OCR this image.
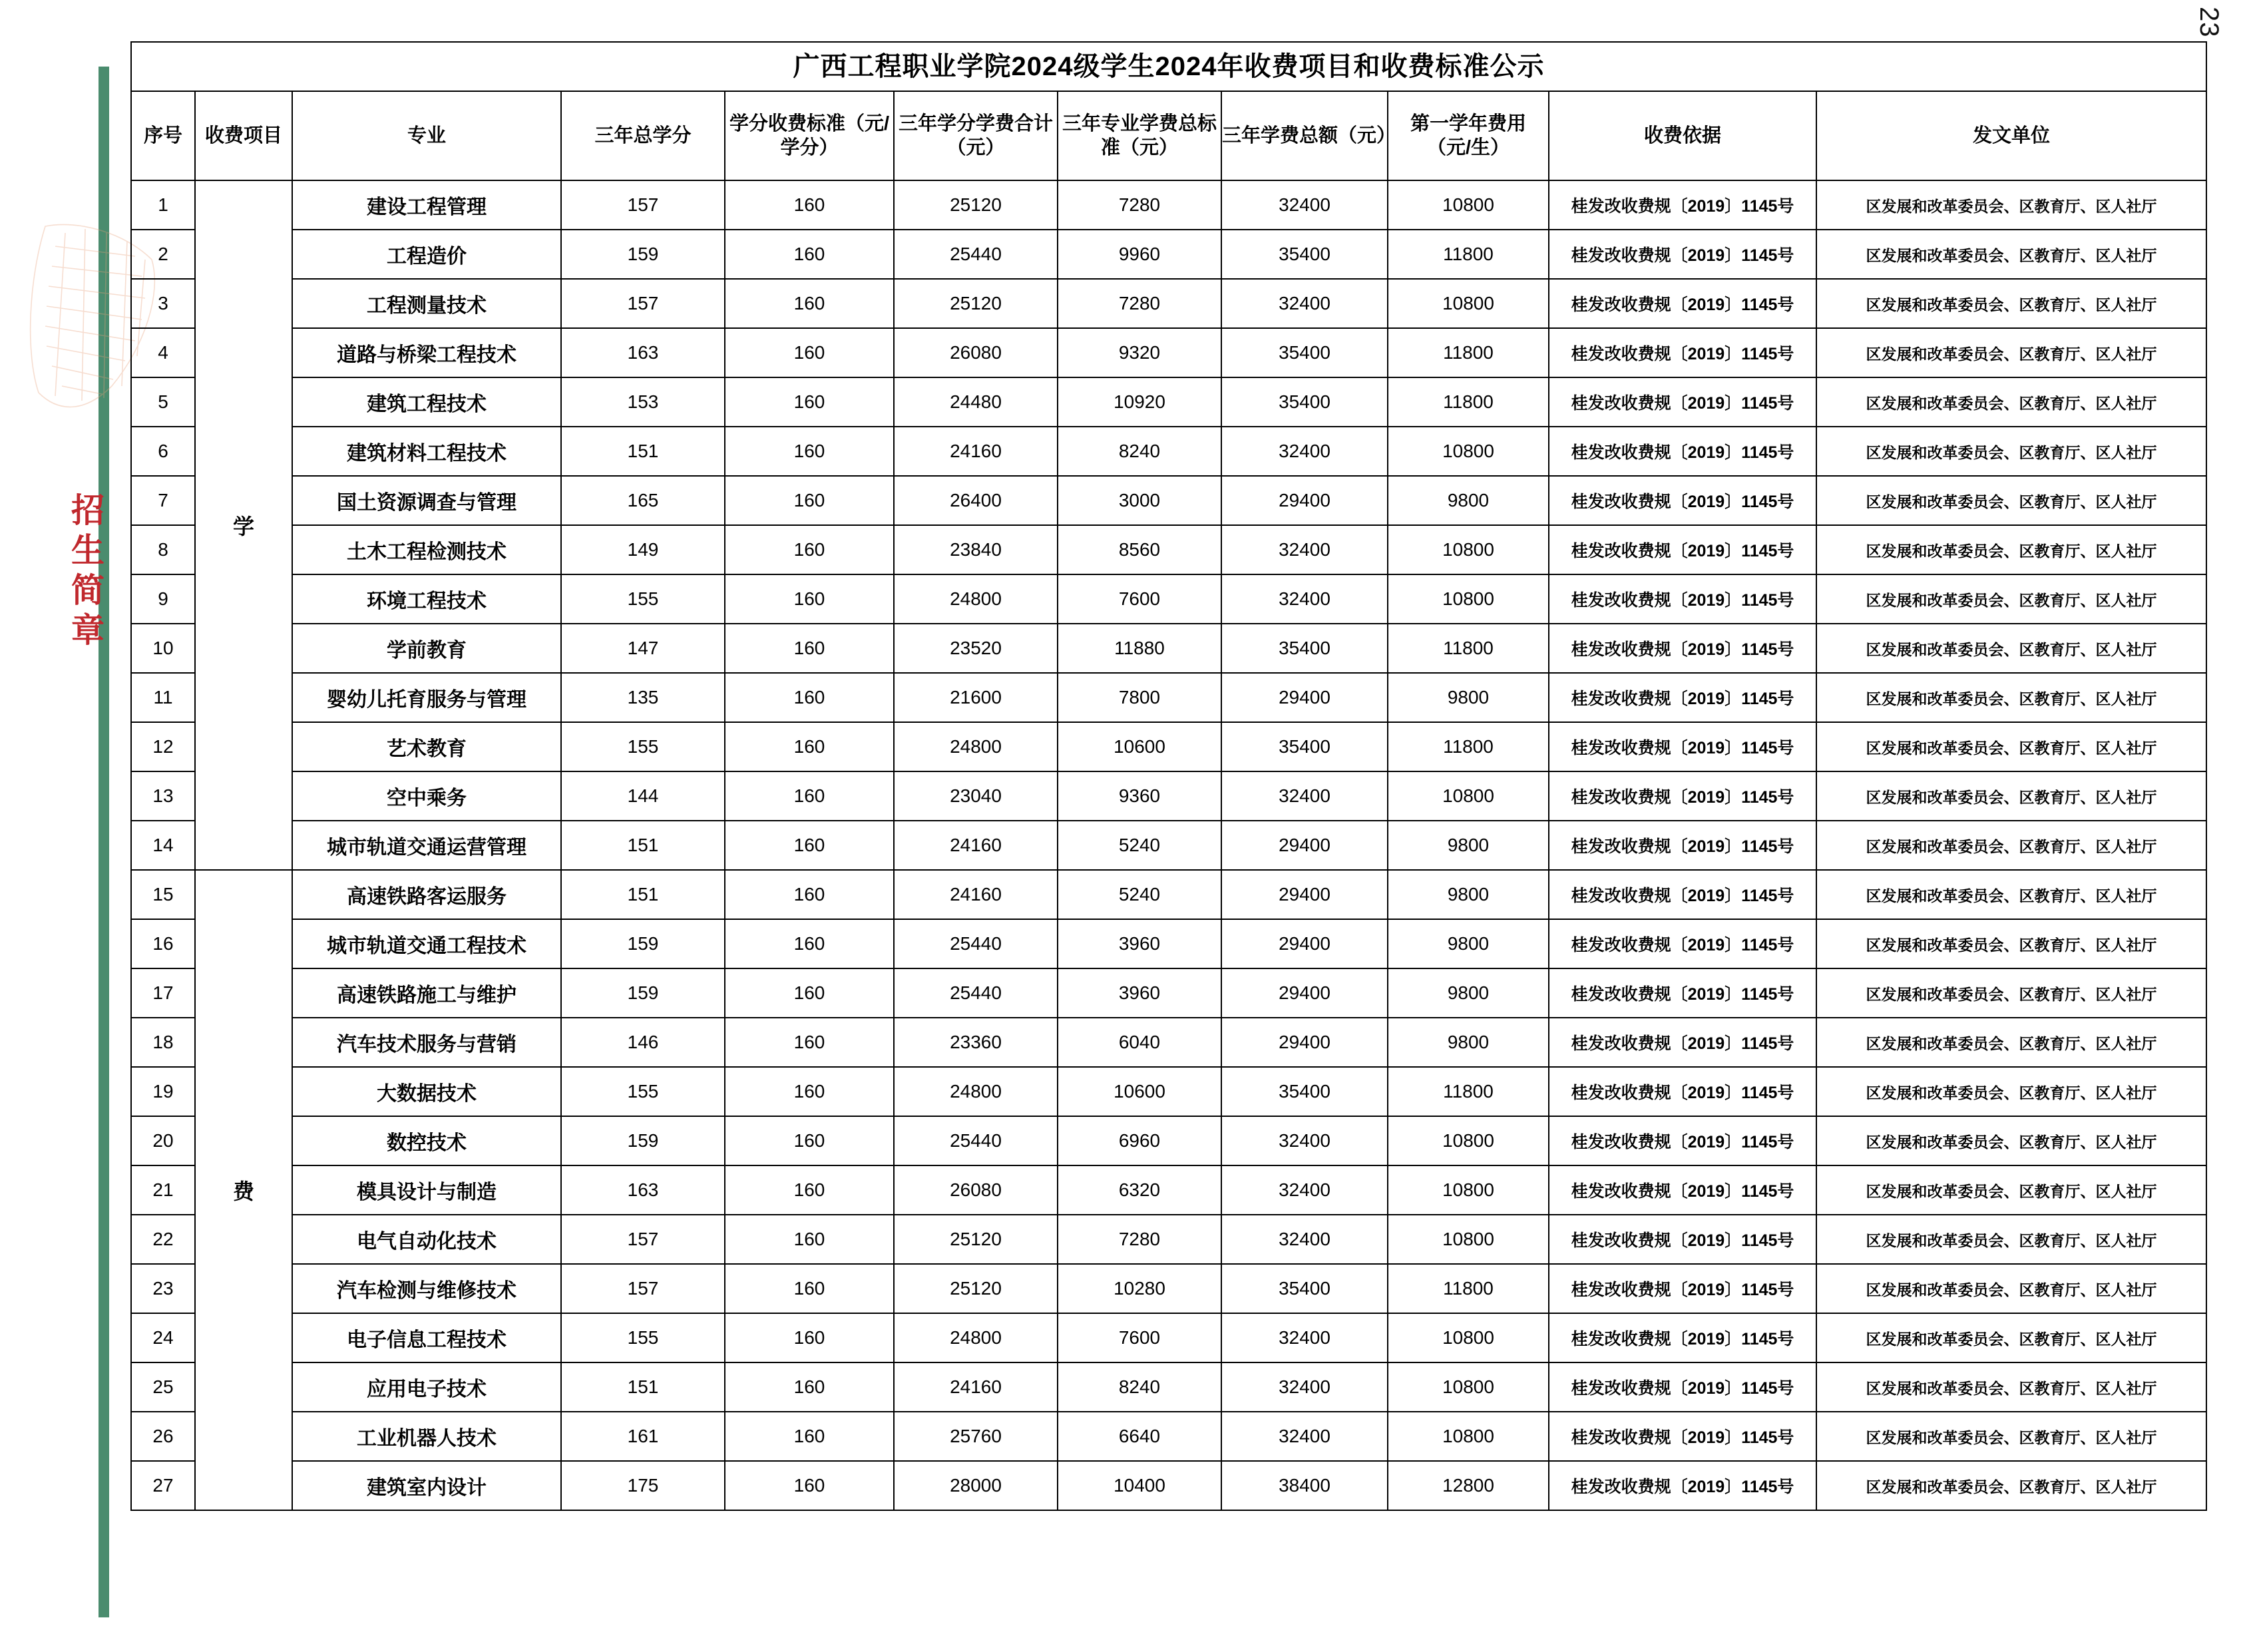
23
招生简章
广西工程职业学院2024级学生2024年收费项目和收费标准公示										
序号	收费项目	专业	三年总学分	学分收费标准（元/学分）	三年学分学费合计（元）	三年专业学费总标准（元）	三年学费总额（元）	第一学年费用（元/生）	收费依据	发文单位
1	学	建设工程管理	157	160	25120	7280	32400	10800	桂发改收费规〔2019〕1145号	区发展和改革委员会、区教育厅、区人社厅
2		工程造价	159	160	25440	9960	35400	11800	桂发改收费规〔2019〕1145号	区发展和改革委员会、区教育厅、区人社厅
3		工程测量技术	157	160	25120	7280	32400	10800	桂发改收费规〔2019〕1145号	区发展和改革委员会、区教育厅、区人社厅
4		道路与桥梁工程技术	163	160	26080	9320	35400	11800	桂发改收费规〔2019〕1145号	区发展和改革委员会、区教育厅、区人社厅
5		建筑工程技术	153	160	24480	10920	35400	11800	桂发改收费规〔2019〕1145号	区发展和改革委员会、区教育厅、区人社厅
6		建筑材料工程技术	151	160	24160	8240	32400	10800	桂发改收费规〔2019〕1145号	区发展和改革委员会、区教育厅、区人社厅
7		国土资源调查与管理	165	160	26400	3000	29400	9800	桂发改收费规〔2019〕1145号	区发展和改革委员会、区教育厅、区人社厅
8		土木工程检测技术	149	160	23840	8560	32400	10800	桂发改收费规〔2019〕1145号	区发展和改革委员会、区教育厅、区人社厅
9		环境工程技术	155	160	24800	7600	32400	10800	桂发改收费规〔2019〕1145号	区发展和改革委员会、区教育厅、区人社厅
10		学前教育	147	160	23520	11880	35400	11800	桂发改收费规〔2019〕1145号	区发展和改革委员会、区教育厅、区人社厅
11		婴幼儿托育服务与管理	135	160	21600	7800	29400	9800	桂发改收费规〔2019〕1145号	区发展和改革委员会、区教育厅、区人社厅
12		艺术教育	155	160	24800	10600	35400	11800	桂发改收费规〔2019〕1145号	区发展和改革委员会、区教育厅、区人社厅
13		空中乘务	144	160	23040	9360	32400	10800	桂发改收费规〔2019〕1145号	区发展和改革委员会、区教育厅、区人社厅
14		城市轨道交通运营管理	151	160	24160	5240	29400	9800	桂发改收费规〔2019〕1145号	区发展和改革委员会、区教育厅、区人社厅
15	费	高速铁路客运服务	151	160	24160	5240	29400	9800	桂发改收费规〔2019〕1145号	区发展和改革委员会、区教育厅、区人社厅
16		城市轨道交通工程技术	159	160	25440	3960	29400	9800	桂发改收费规〔2019〕1145号	区发展和改革委员会、区教育厅、区人社厅
17		高速铁路施工与维护	159	160	25440	3960	29400	9800	桂发改收费规〔2019〕1145号	区发展和改革委员会、区教育厅、区人社厅
18		汽车技术服务与营销	146	160	23360	6040	29400	9800	桂发改收费规〔2019〕1145号	区发展和改革委员会、区教育厅、区人社厅
19		大数据技术	155	160	24800	10600	35400	11800	桂发改收费规〔2019〕1145号	区发展和改革委员会、区教育厅、区人社厅
20		数控技术	159	160	25440	6960	32400	10800	桂发改收费规〔2019〕1145号	区发展和改革委员会、区教育厅、区人社厅
21		模具设计与制造	163	160	26080	6320	32400	10800	桂发改收费规〔2019〕1145号	区发展和改革委员会、区教育厅、区人社厅
22		电气自动化技术	157	160	25120	7280	32400	10800	桂发改收费规〔2019〕1145号	区发展和改革委员会、区教育厅、区人社厅
23		汽车检测与维修技术	157	160	25120	10280	35400	11800	桂发改收费规〔2019〕1145号	区发展和改革委员会、区教育厅、区人社厅
24		电子信息工程技术	155	160	24800	7600	32400	10800	桂发改收费规〔2019〕1145号	区发展和改革委员会、区教育厅、区人社厅
25		应用电子技术	151	160	24160	8240	32400	10800	桂发改收费规〔2019〕1145号	区发展和改革委员会、区教育厅、区人社厅
26		工业机器人技术	161	160	25760	6640	32400	10800	桂发改收费规〔2019〕1145号	区发展和改革委员会、区教育厅、区人社厅
27		建筑室内设计	175	160	28000	10400	38400	12800	桂发改收费规〔2019〕1145号	区发展和改革委员会、区教育厅、区人社厅
